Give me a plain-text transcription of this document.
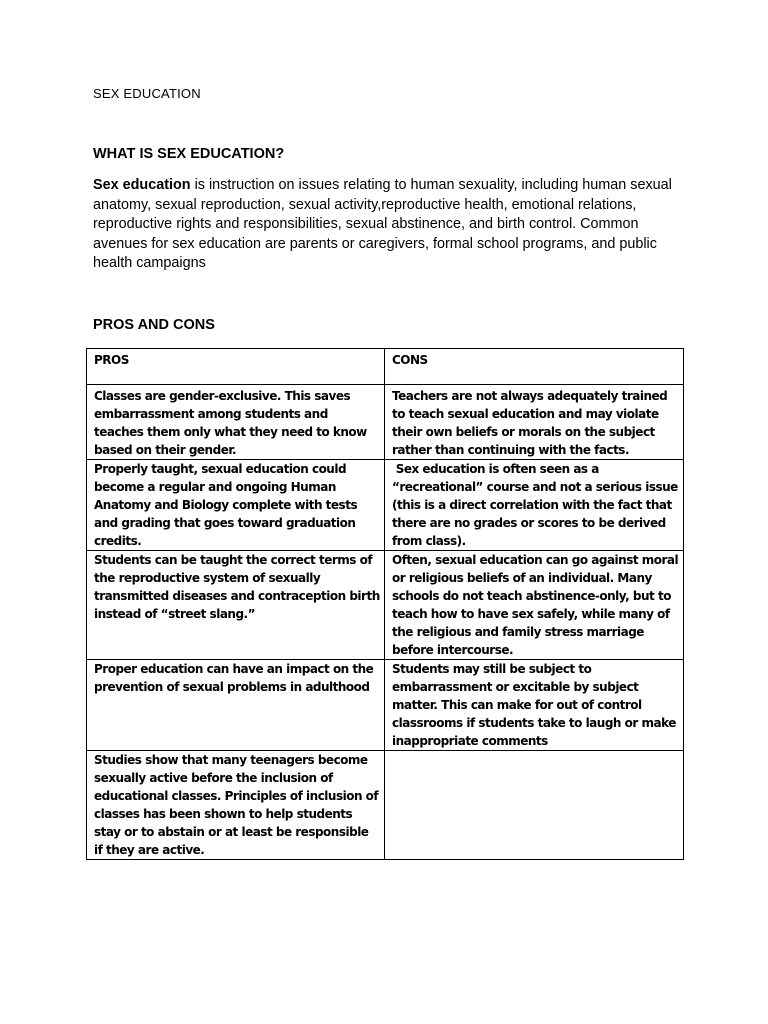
SEX EDUCATION
WHAT IS SEX EDUCATION?
Sex education is instruction on issues relating to human sexuality, including human sexual anatomy, sexual reproduction, sexual activity,reproductive health, emotional relations, reproductive rights and responsibilities, sexual abstinence, and birth control. Common avenues for sex education are parents or caregivers, formal school programs, and public health campaigns
PROS AND CONS
PROS	CONS
Classes are gender-exclusive. This saves embarrassment among students and teaches them only what they need to know based on their gender.	Teachers are not always adequately trained to teach sexual education and may violate their own beliefs or morals on the subject rather than continuing with the facts.
Properly taught, sexual education could become a regular and ongoing Human Anatomy and Biology complete with tests and grading that goes toward graduation credits.	Sex education is often seen as a “recreational” course and not a serious issue (this is a direct correlation with the fact that there are no grades or scores to be derived from class).
Students can be taught the correct terms of the reproductive system of sexually transmitted diseases and contraception birth instead of “street slang.”	Often, sexual education can go against moral or religious beliefs of an individual. Many schools do not teach abstinence-only, but to teach how to have sex safely, while many of the religious and family stress marriage before intercourse.
Proper education can have an impact on the prevention of sexual problems in adulthood	Students may still be subject to embarrassment or excitable by subject matter. This can make for out of control classrooms if students take to laugh or make inappropriate comments
Studies show that many teenagers become sexually active before the inclusion of educational classes. Principles of inclusion of classes has been shown to help students stay or to abstain or at least be responsible if they are active.	
